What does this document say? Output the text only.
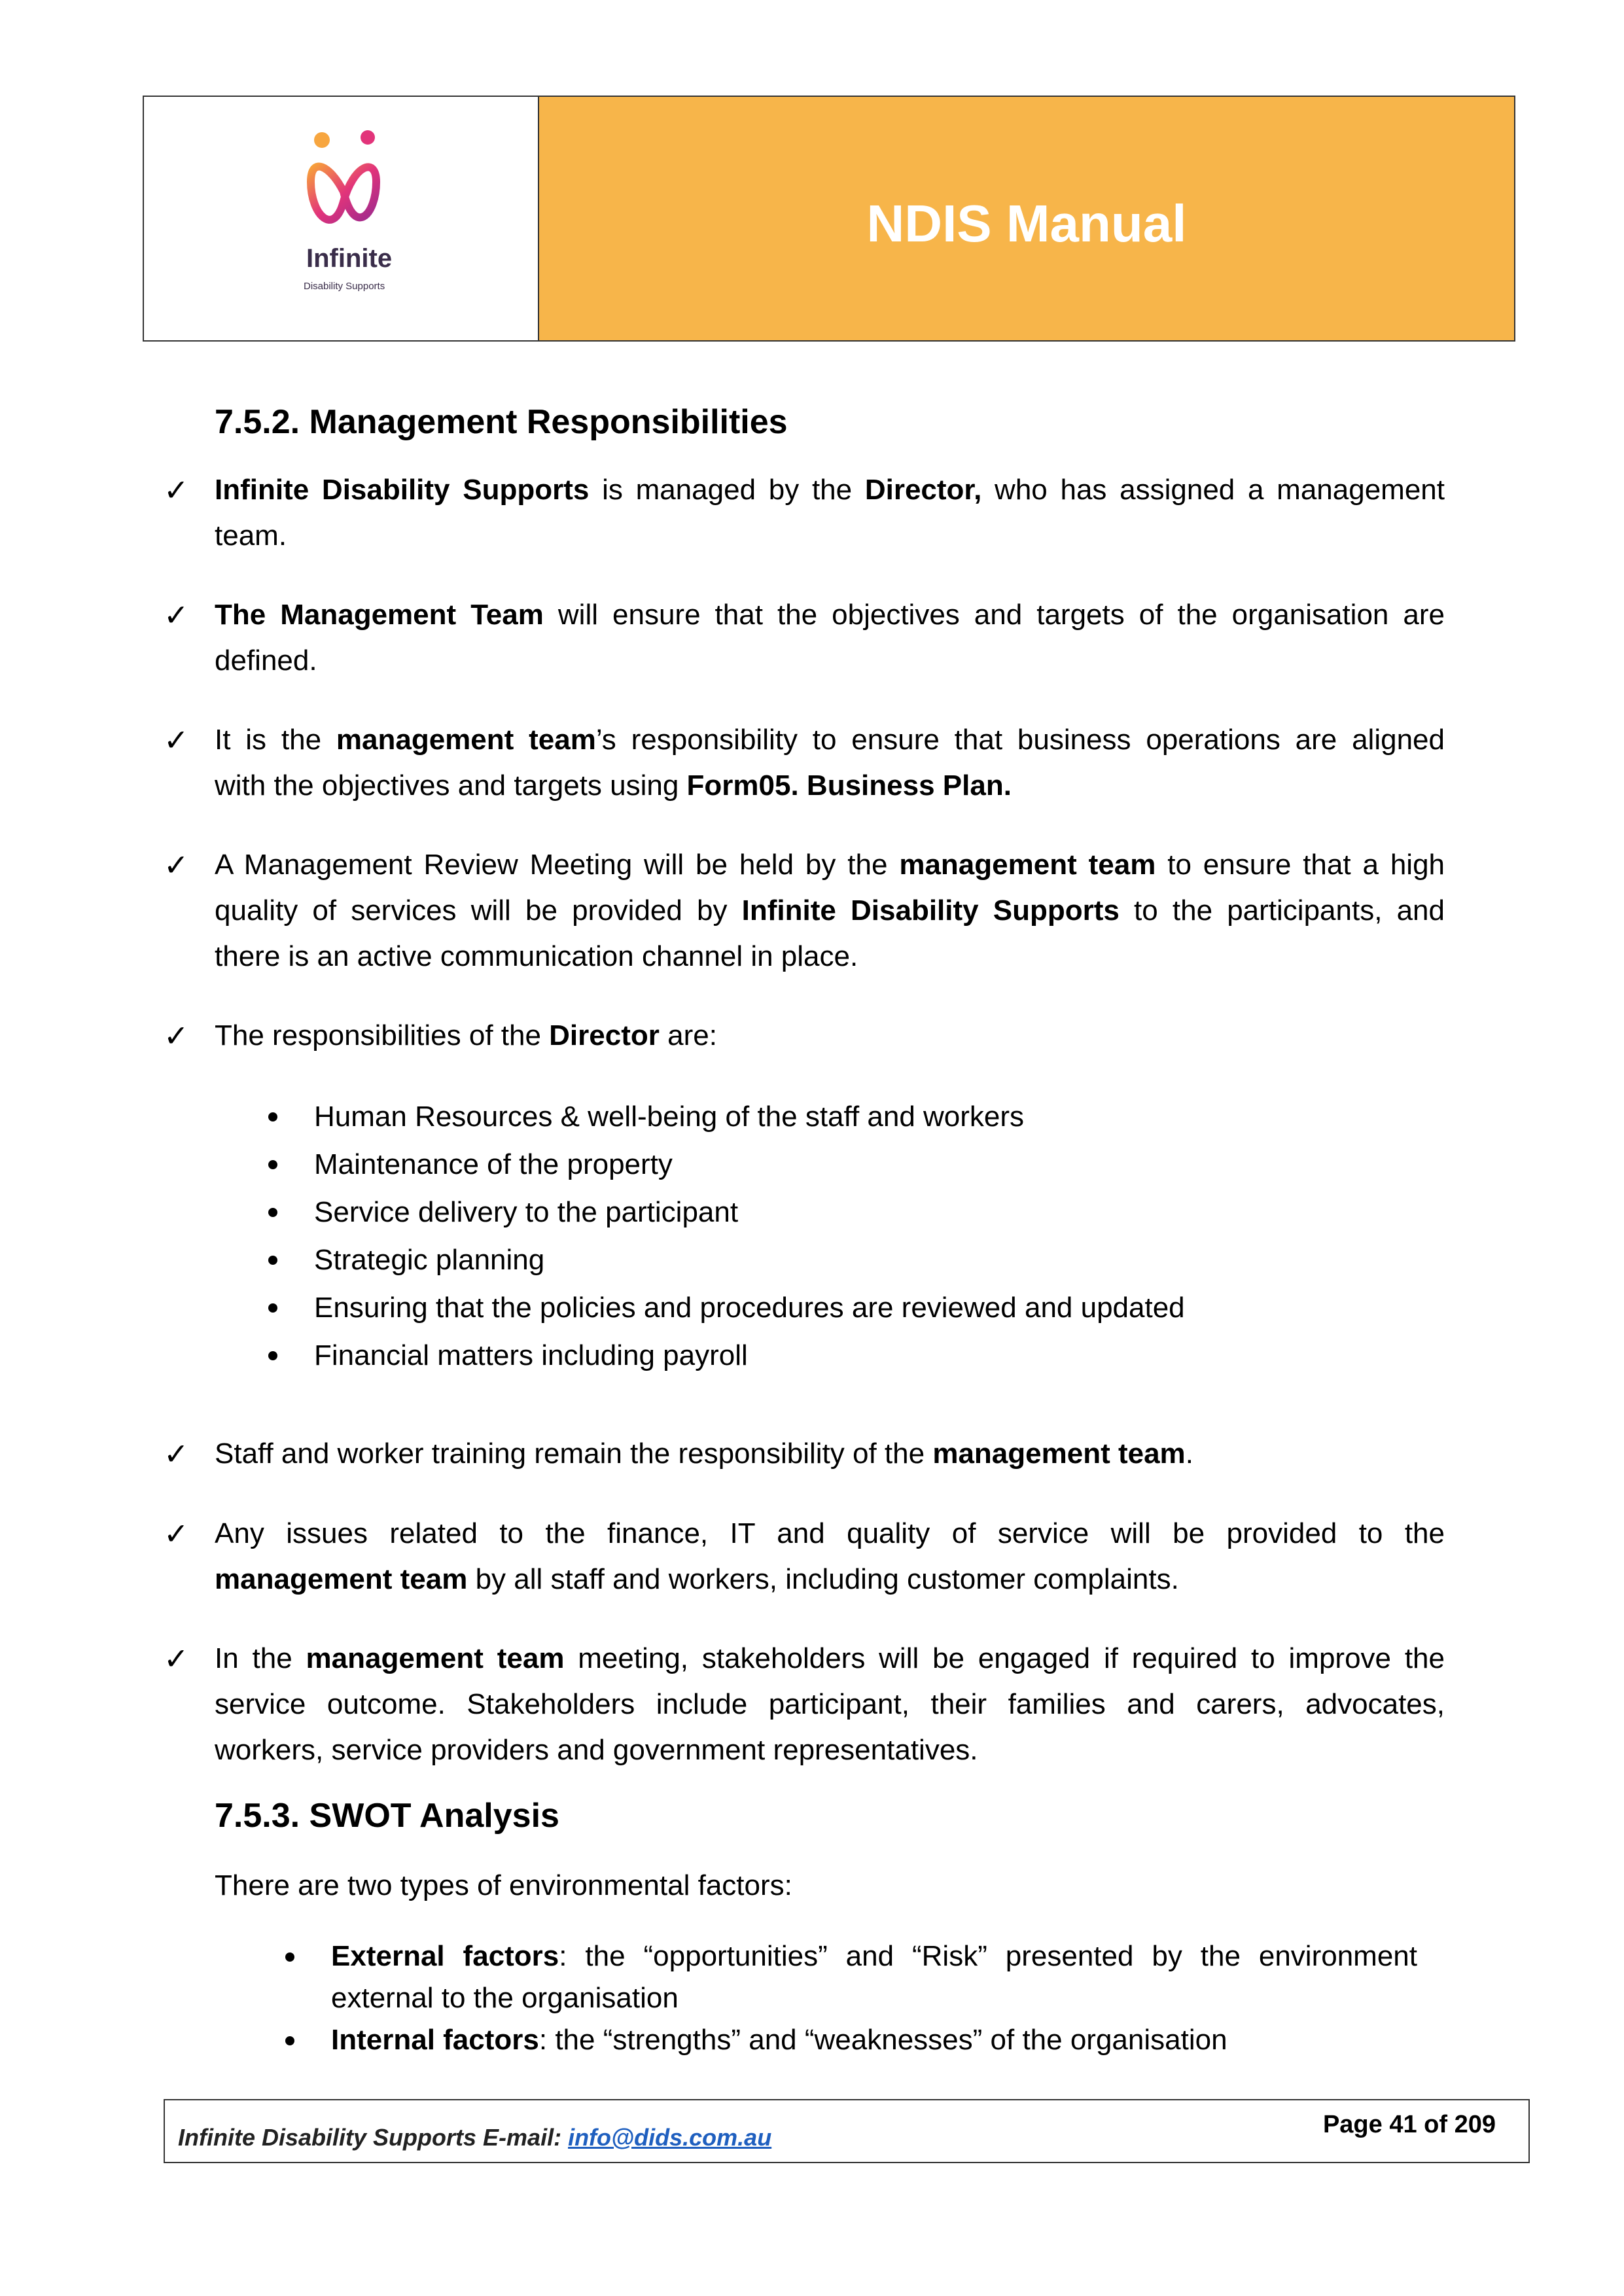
Infinite
Disability Supports
NDIS Manual
7.5.2. Management Responsibilities
✓ Infinite Disability Supports is managed by the Director, who has assigned a management
team.
✓ The Management Team will ensure that the objectives and targets of the organisation are
defined.
✓ It is the management team’s responsibility to ensure that business operations are aligned
with the objectives and targets using Form05. Business Plan.
✓ A Management Review Meeting will be held by the management team to ensure that a high
quality of services will be provided by Infinite Disability Supports to the participants, and
there is an active communication channel in place.
✓ The responsibilities of the Director are:
Human Resources & well-being of the staff and workers
Maintenance of the property
Service delivery to the participant
Strategic planning
Ensuring that the policies and procedures are reviewed and updated
Financial matters including payroll
✓ Staff and worker training remain the responsibility of the management team.
✓ Any issues related to the finance, IT and quality of service will be provided to the
management team by all staff and workers, including customer complaints.
✓ In the management team meeting, stakeholders will be engaged if required to improve the
service outcome. Stakeholders include participant, their families and carers, advocates,
workers, service providers and government representatives.
7.5.3. SWOT Analysis
There are two types of environmental factors:
External factors: the “opportunities” and “Risk” presented by the environment
external to the organisation
Internal factors: the “strengths” and “weaknesses” of the organisation
Infinite Disability Supports E-mail: info@dids.com.au	Page 41 of 209
